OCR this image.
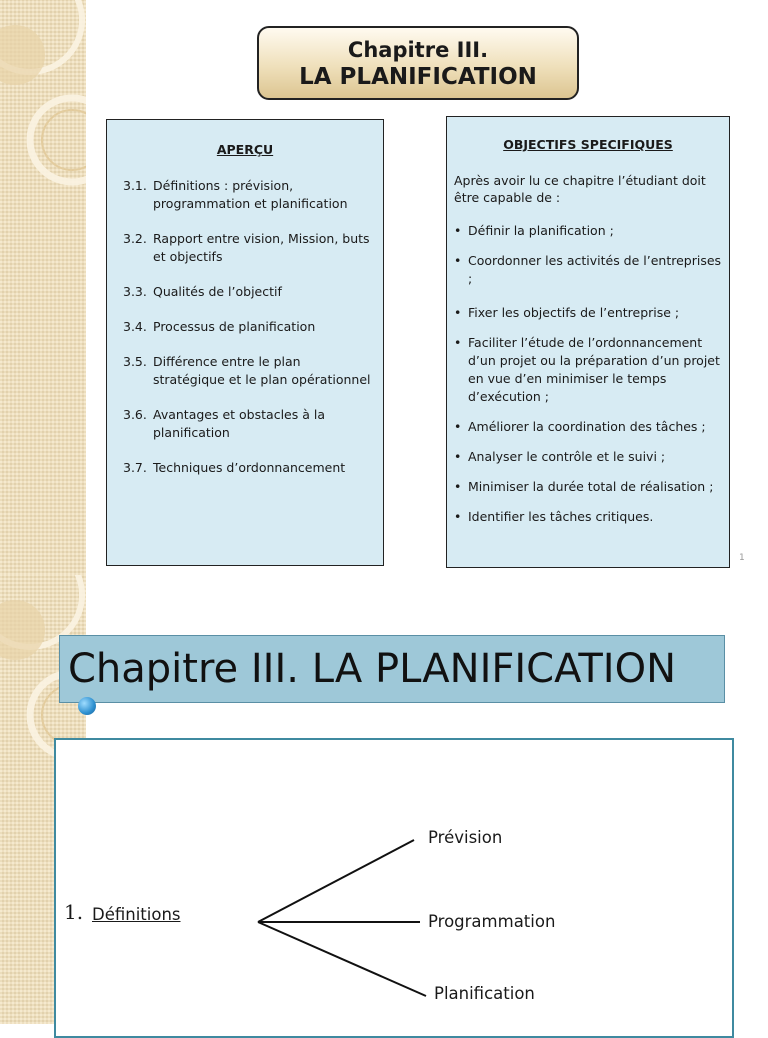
Chapitre III.
LA PLANIFICATION
APERÇU
3.1. Définitions : prévision, programmation et planification
3.2. Rapport entre vision, Mission, buts et objectifs
3.3. Qualités de l’objectif
3.4. Processus de planification
3.5. Différence entre le plan stratégique et le plan opérationnel
3.6. Avantages et obstacles à la planification
3.7. Techniques d’ordonnancement
OBJECTIFS SPECIFIQUES
Après avoir lu ce chapitre l’étudiant doit être capable de :
• Définir la planification ;
• Coordonner les activités de l’entreprises ;
• Fixer les objectifs de l’entreprise ;
• Faciliter l’étude de l’ordonnancement d’un projet ou la préparation d’un projet en vue d’en minimiser le temps d’exécution ;
• Améliorer la coordination des tâches ;
• Analyser le contrôle et le suivi ;
• Minimiser la durée total de réalisation ;
• Identifier les tâches critiques.
1
Chapitre III. LA PLANIFICATION
1. Définitions
Prévision
Programmation
Planification
